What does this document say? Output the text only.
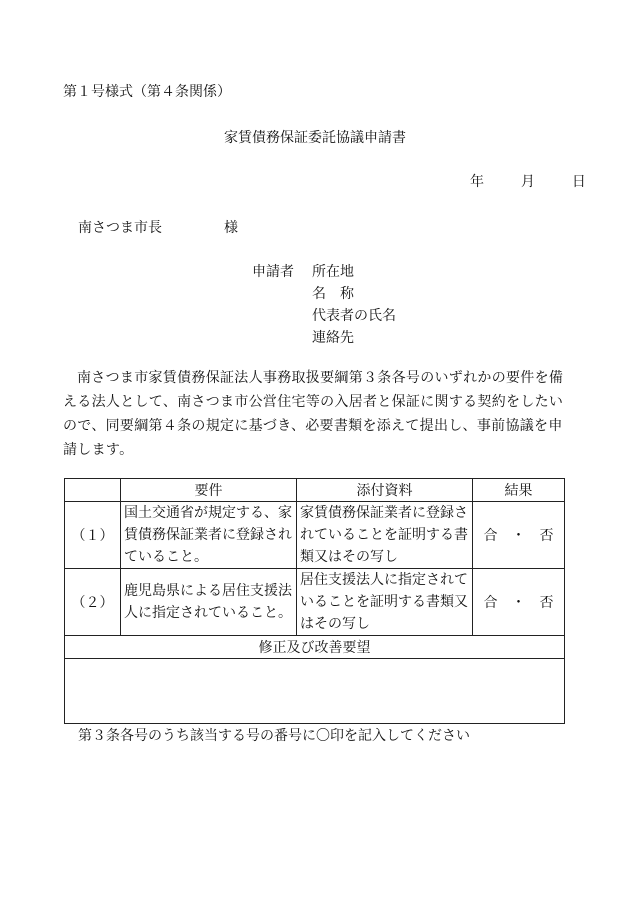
第１号様式（第４条関係）
家賃債務保証委託協議申請書
年	月	日
南さつま市長	様
申請者 所在地
名　称
代表者の氏名
連絡先
南さつま市家賃債務保証法人事務取扱要綱第３条各号のいずれかの要件を備える法人として、南さつま市公営住宅等の入居者と保証に関する契約をしたいので、同要綱第４条の規定に基づき、必要書類を添えて提出し、事前協議を申請します。
	要件	添付資料	結果
（１）	国土交通省が規定する、家賃債務保証業者に登録されていること。	家賃債務保証業者に登録されていることを証明する書類又はその写し	合　・　否
（２）	鹿児島県による居住支援法人に指定されていること。	居住支援法人に指定されていることを証明する書類又はその写し	合　・　否
修正及び改善要望			

第３条各号のうち該当する号の番号に〇印を記入してください
